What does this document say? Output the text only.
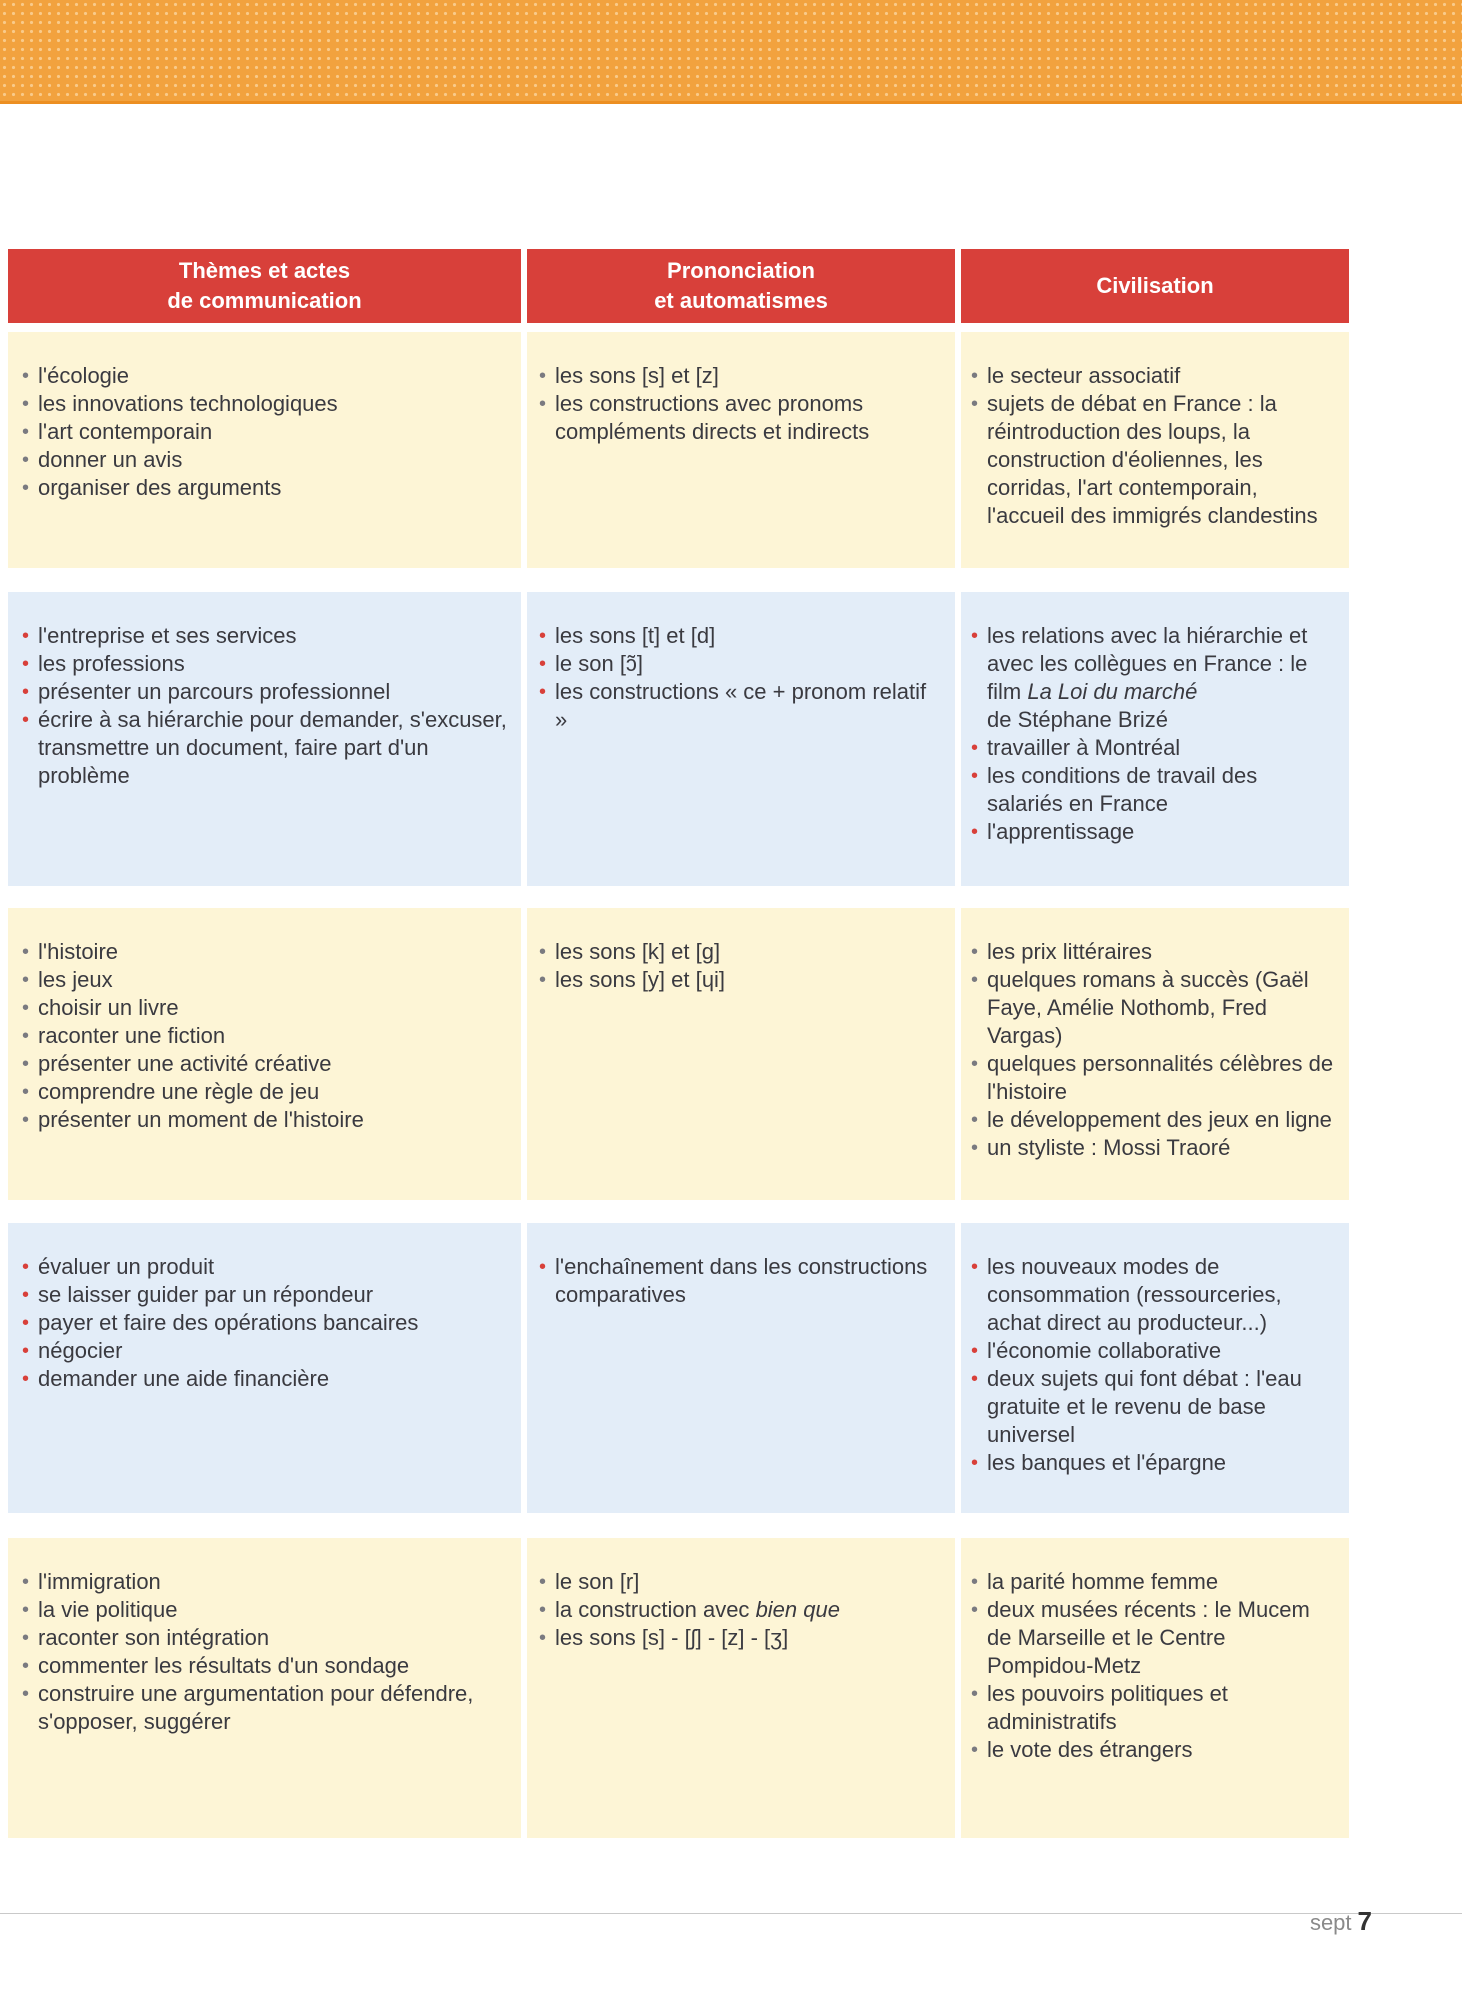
Thèmes et actes
de communication
Prononciation
et automatismes
Civilisation
• l'écologie
• les innovations technologiques
• l'art contemporain
• donner un avis
• organiser des arguments
• les sons [s] et [z]
• les constructions avec pronoms compléments directs et indirects
• le secteur associatif
• sujets de débat en France : la réintroduction des loups, la construction d'éoliennes, les corridas, l'art contemporain, l'accueil des immigrés clandestins
• l'entreprise et ses services
• les professions
• présenter un parcours professionnel
• écrire à sa hiérarchie pour demander, s'excuser, transmettre un document, faire part d'un problème
• les sons [t] et [d]
• le son [ɔ̃]
• les constructions « ce + pronom relatif »
• les relations avec la hiérarchie et avec les collègues en France : le film La Loi du marché
de Stéphane Brizé
• travailler à Montréal
• les conditions de travail des salariés en France
• l'apprentissage
• l'histoire
• les jeux
• choisir un livre
• raconter une fiction
• présenter une activité créative
• comprendre une règle de jeu
• présenter un moment de l'histoire
• les sons [k] et [g]
• les sons [y] et [ɥi]
• les prix littéraires
• quelques romans à succès (Gaël Faye, Amélie Nothomb, Fred Vargas)
• quelques personnalités célèbres de l'histoire
• le développement des jeux en ligne
• un styliste : Mossi Traoré
• évaluer un produit
• se laisser guider par un répondeur
• payer et faire des opérations bancaires
• négocier
• demander une aide financière
• l'enchaînement dans les constructions comparatives
• les nouveaux modes de consommation (ressourceries, achat direct au producteur...)
• l'économie collaborative
• deux sujets qui font débat : l'eau gratuite et le revenu de base universel
• les banques et l'épargne
• l'immigration
• la vie politique
• raconter son intégration
• commenter les résultats d'un sondage
• construire une argumentation pour défendre, s'opposer, suggérer
• le son [r]
• la construction avec bien que
• les sons [s] - [ʃ] - [z] - [ʒ]
• la parité homme femme
• deux musées récents : le Mucem de Marseille et le Centre Pompidou-Metz
• les pouvoirs politiques et administratifs
• le vote des étrangers
sept 7
